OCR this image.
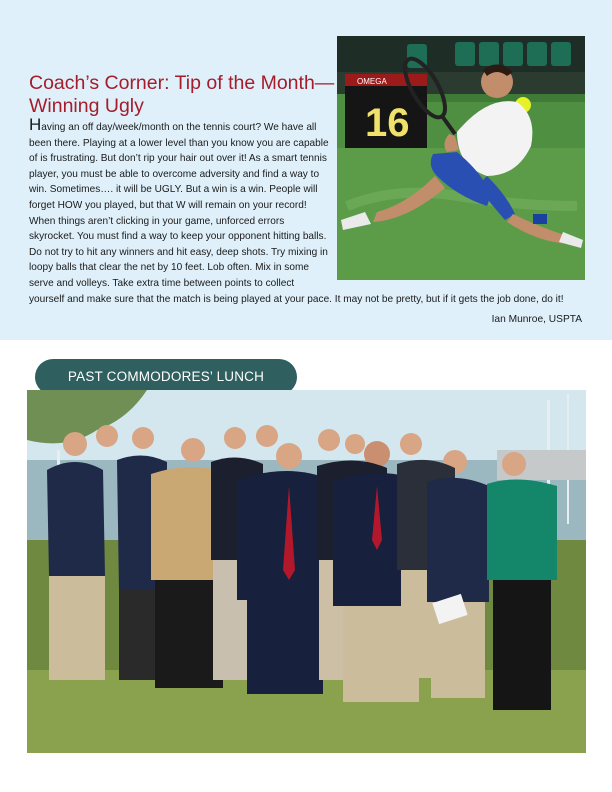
Coach’s Corner: Tip of the Month—Winning Ugly

Having an off day/week/month on the tennis court? We have all been there. Playing at a lower level than you know you are capable of is frustrating. But don’t rip your hair out over it! As a smart tennis player, you must be able to overcome adversity and find a way to win. Sometimes…. it will be UGLY. But a win is a win. People will forget HOW you played, but that W will remain on your record! When things aren’t clicking in your game, unforced errors skyrocket. You must find a way to keep your opponent hitting balls. Do not try to hit any winners and hit easy, deep shots. Try mixing in loopy balls that clear the net by 10 feet. Lob often. Mix in some serve and volleys. Take extra time between points to collect yourself and make sure that the match is being played at your pace. It may not be pretty, but if it gets the job done, do it!

Ian Munroe, USPTA
OMEGA
16
PAST COMMODORES’ LUNCH
